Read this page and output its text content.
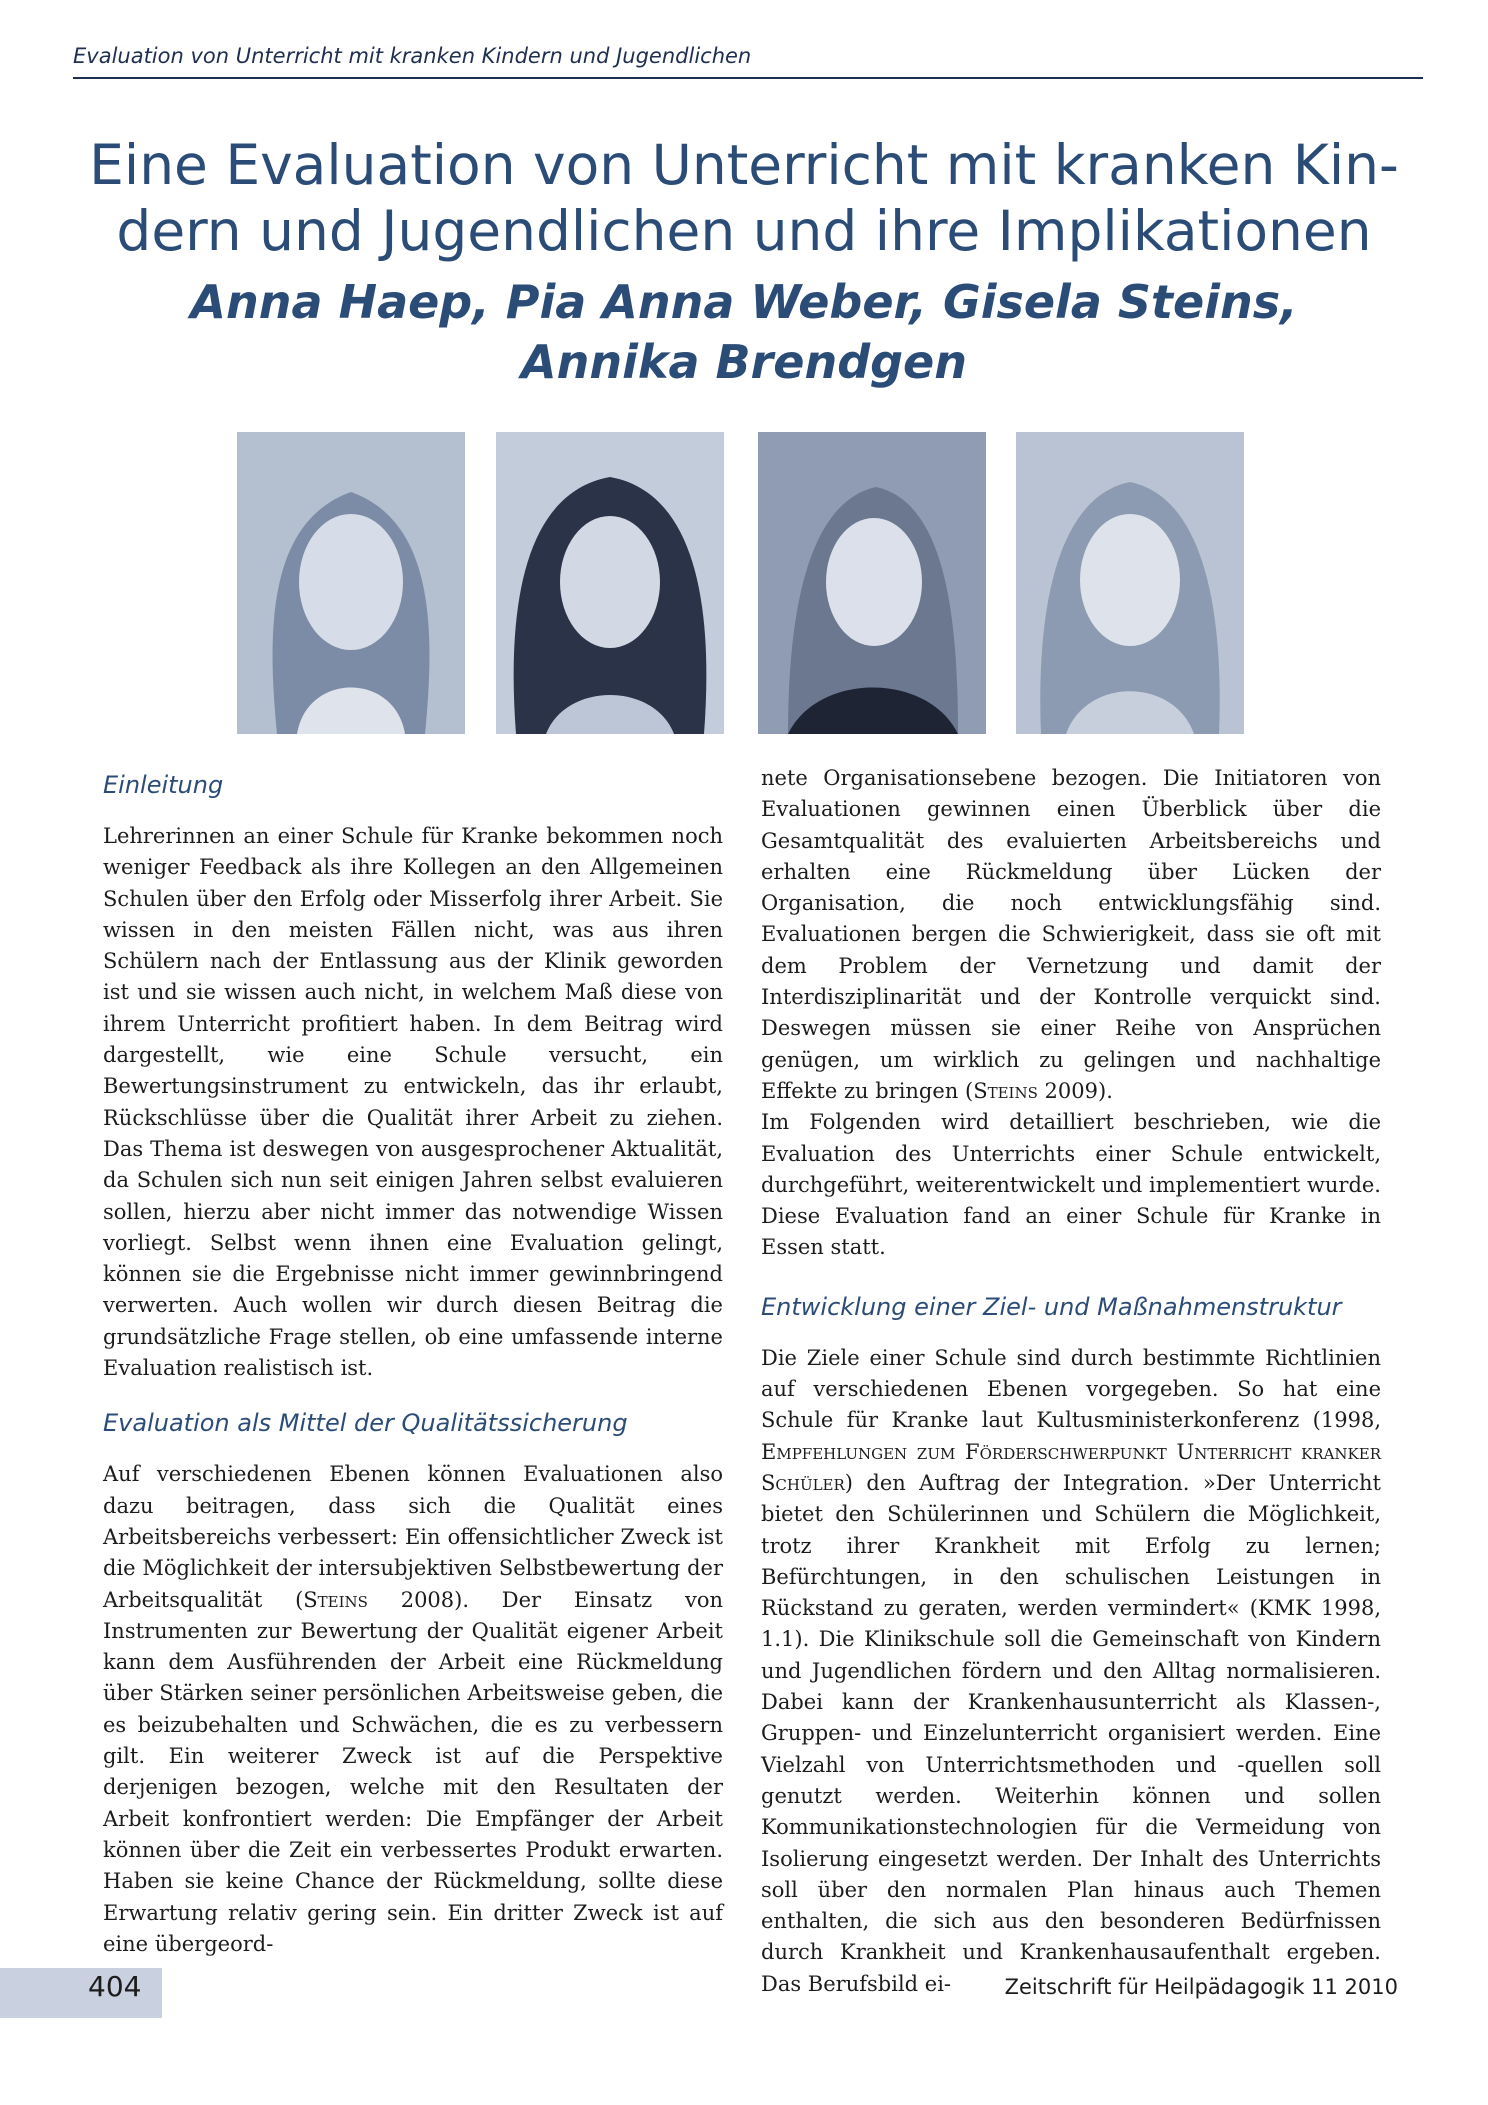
Evaluation von Unterricht mit kranken Kindern und Jugendlichen
Eine Evaluation von Unterricht mit kranken Kin-
dern und Jugendlichen und ihre Implikationen
Anna Haep, Pia Anna Weber, Gisela Steins,
Annika Brendgen

Einleitung

Lehrerinnen an einer Schule für Kranke bekommen noch weniger Feedback als ihre Kollegen an den Allgemeinen Schulen über den Erfolg oder Misserfolg ihrer Arbeit. Sie wissen in den meisten Fällen nicht, was aus ihren Schülern nach der Entlassung aus der Klinik geworden ist und sie wissen auch nicht, in welchem Maß diese von ihrem Unterricht profitiert haben. In dem Beitrag wird dargestellt, wie eine Schule versucht, ein Bewertungsinstrument zu entwickeln, das ihr erlaubt, Rückschlüsse über die Qualität ihrer Arbeit zu ziehen. Das Thema ist deswegen von ausgesprochener Aktualität, da Schulen sich nun seit einigen Jahren selbst evaluieren sollen, hierzu aber nicht immer das notwendige Wissen vorliegt. Selbst wenn ihnen eine Evaluation gelingt, können sie die Ergebnisse nicht immer gewinnbringend verwerten. Auch wollen wir durch diesen Beitrag die grundsätzliche Frage stellen, ob eine umfassende interne Evaluation realistisch ist.

Evaluation als Mittel der Qualitätssicherung

Auf verschiedenen Ebenen können Evaluationen also dazu beitragen, dass sich die Qualität eines Arbeitsbereichs verbessert: Ein offensichtlicher Zweck ist die Möglichkeit der intersubjektiven Selbstbewertung der Arbeitsqualität (Steins 2008). Der Einsatz von Instrumenten zur Bewertung der Qualität eigener Arbeit kann dem Ausführenden der Arbeit eine Rückmeldung über Stärken seiner persönlichen Arbeitsweise geben, die es beizubehalten und Schwächen, die es zu verbessern gilt. Ein weiterer Zweck ist auf die Perspektive derjenigen bezogen, welche mit den Resultaten der Arbeit konfrontiert werden: Die Empfänger der Arbeit können über die Zeit ein verbessertes Produkt erwarten. Haben sie keine Chance der Rückmeldung, sollte diese Erwartung relativ gering sein. Ein dritter Zweck ist auf eine übergeord-

nete Organisationsebene bezogen. Die Initiatoren von Evaluationen gewinnen einen Überblick über die Gesamtqualität des evaluierten Arbeitsbereichs und erhalten eine Rückmeldung über Lücken der Organisation, die noch entwicklungsfähig sind. Evaluationen bergen die Schwierigkeit, dass sie oft mit dem Problem der Vernetzung und damit der Interdisziplinarität und der Kontrolle verquickt sind. Deswegen müssen sie einer Reihe von Ansprüchen genügen, um wirklich zu gelingen und nachhaltige Effekte zu bringen (Steins 2009).

Im Folgenden wird detailliert beschrieben, wie die Evaluation des Unterrichts einer Schule entwickelt, durchgeführt, weiterentwickelt und implementiert wurde. Diese Evaluation fand an einer Schule für Kranke in Essen statt.

Entwicklung einer Ziel- und Maßnahmenstruktur

Die Ziele einer Schule sind durch bestimmte Richtlinien auf verschiedenen Ebenen vorgegeben. So hat eine Schule für Kranke laut Kultusministerkonferenz (1998, Empfehlungen zum Förderschwerpunkt Unterricht kranker Schüler) den Auftrag der Integration. »Der Unterricht bietet den Schülerinnen und Schülern die Möglichkeit, trotz ihrer Krankheit mit Erfolg zu lernen; Befürchtungen, in den schulischen Leistungen in Rückstand zu geraten, werden vermindert« (KMK 1998, 1.1). Die Klinikschule soll die Gemeinschaft von Kindern und Jugendlichen fördern und den Alltag normalisieren. Dabei kann der Krankenhausunterricht als Klassen-, Gruppen- und Einzelunterricht organisiert werden. Eine Vielzahl von Unterrichtsmethoden und -quellen soll genutzt werden. Weiterhin können und sollen Kommunikationstechnologien für die Vermeidung von Isolierung eingesetzt werden. Der Inhalt des Unterrichts soll über den normalen Plan hinaus auch Themen enthalten, die sich aus den besonderen Bedürfnissen durch Krankheit und Krankenhausaufenthalt ergeben. Das Berufsbild ei-

404	Zeitschrift für Heilpädagogik 11 2010
